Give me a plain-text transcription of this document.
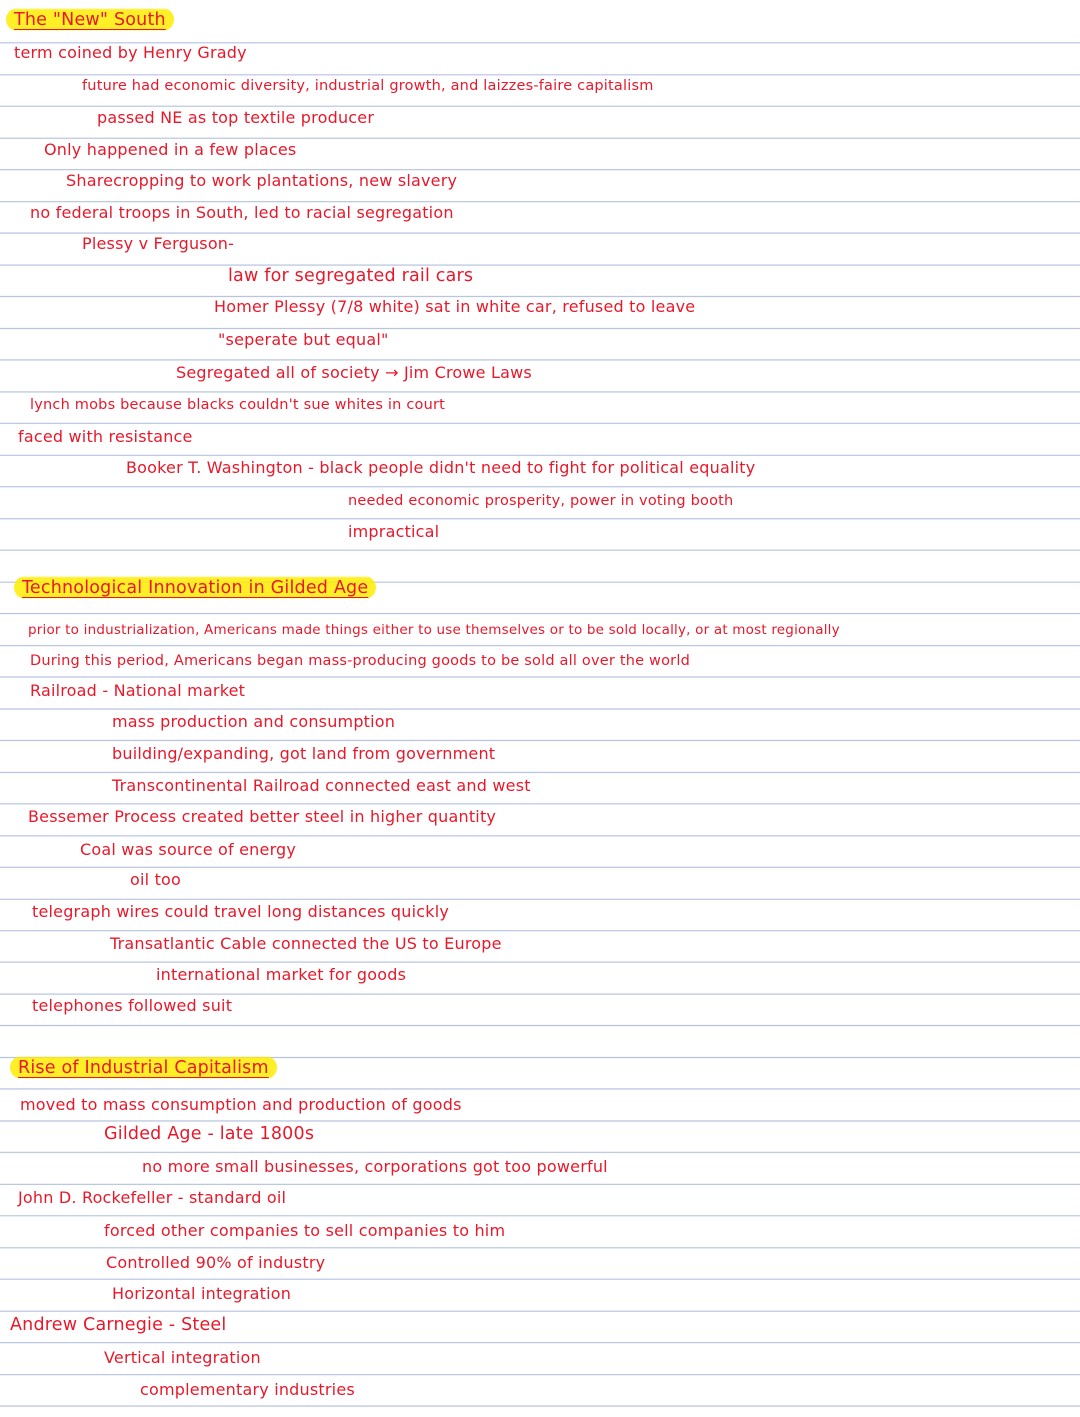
The "New" South
term coined by Henry Grady
future had economic diversity, industrial growth, and laizzes-faire capitalism
passed NE as top textile producer
Only happened in a few places
Sharecropping to work plantations, new slavery
no federal troops in South, led to racial segregation
Plessy v Ferguson-
law for segregated rail cars
Homer Plessy (7/8 white) sat in white car, refused to leave
"seperate but equal"
Segregated all of society → Jim Crowe Laws
lynch mobs because blacks couldn't sue whites in court
faced with resistance
Booker T. Washington - black people didn't need to fight for political equality
needed economic prosperity, power in voting booth
impractical
Technological Innovation in Gilded Age
prior to industrialization, Americans made things either to use themselves or to be sold locally, or at most regionally
During this period, Americans began mass-producing goods to be sold all over the world
Railroad - National market
mass production and consumption
building/expanding, got land from government
Transcontinental Railroad connected east and west
Bessemer Process created better steel in higher quantity
Coal was source of energy
oil too
telegraph wires could travel long distances quickly
Transatlantic Cable connected the US to Europe
international market for goods
telephones followed suit
Rise of Industrial Capitalism
moved to mass consumption and production of goods
Gilded Age - late 1800s
no more small businesses, corporations got too powerful
John D. Rockefeller - standard oil
forced other companies to sell companies to him
Controlled 90% of industry
Horizontal integration
Andrew Carnegie - Steel
Vertical integration
complementary industries
